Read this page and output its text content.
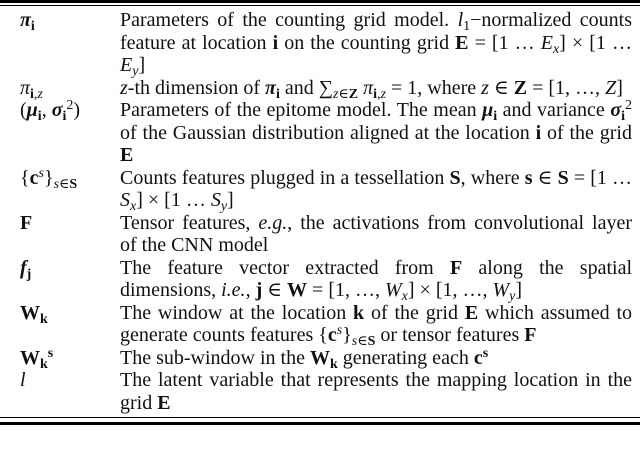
$\pi_i$	Parameters of the counting grid model. $l_1-normalized$ counts feature at location i on the counting grid E = [1 … $E_x] \times [1$ … $E_y$]
$\pi_{i,z}$	z-th dimension of $\pi_i$ and $\sum_{z\in Z}$ $\pi_{i,z} = 1$, where z ∈ Z = [1, …, Z]
($\mu_i$, $\sigma_i^2$)	Parameters of the epitome model. The mean $\mu_i$ and variance $\sigma_i^2$ of the Gaussian distribution aligned at the location i of the grid E
$\{c^s\}_{s\in S}$	Counts features plugged in a tessellation S, where s ∈ S = [1 … $S_x] \times [1$ … $S_y$]
F	Tensor features, e.g., the activations from convolutional layer of the CNN model
$f_j$	The feature vector extracted from F along the spatial dimensions, i.e., j ∈ W = [1, …, $W_x] \times [1$, …, $W_y$]
$W_k$	The window at the location k of the grid E which assumed to generate counts features $\{c^s\}_{s\in S}$ or tensor features F
$W_k^s$	The sub-window in the $W_k$ generating each $c^s$
l	The latent variable that represents the mapping location in the grid E
